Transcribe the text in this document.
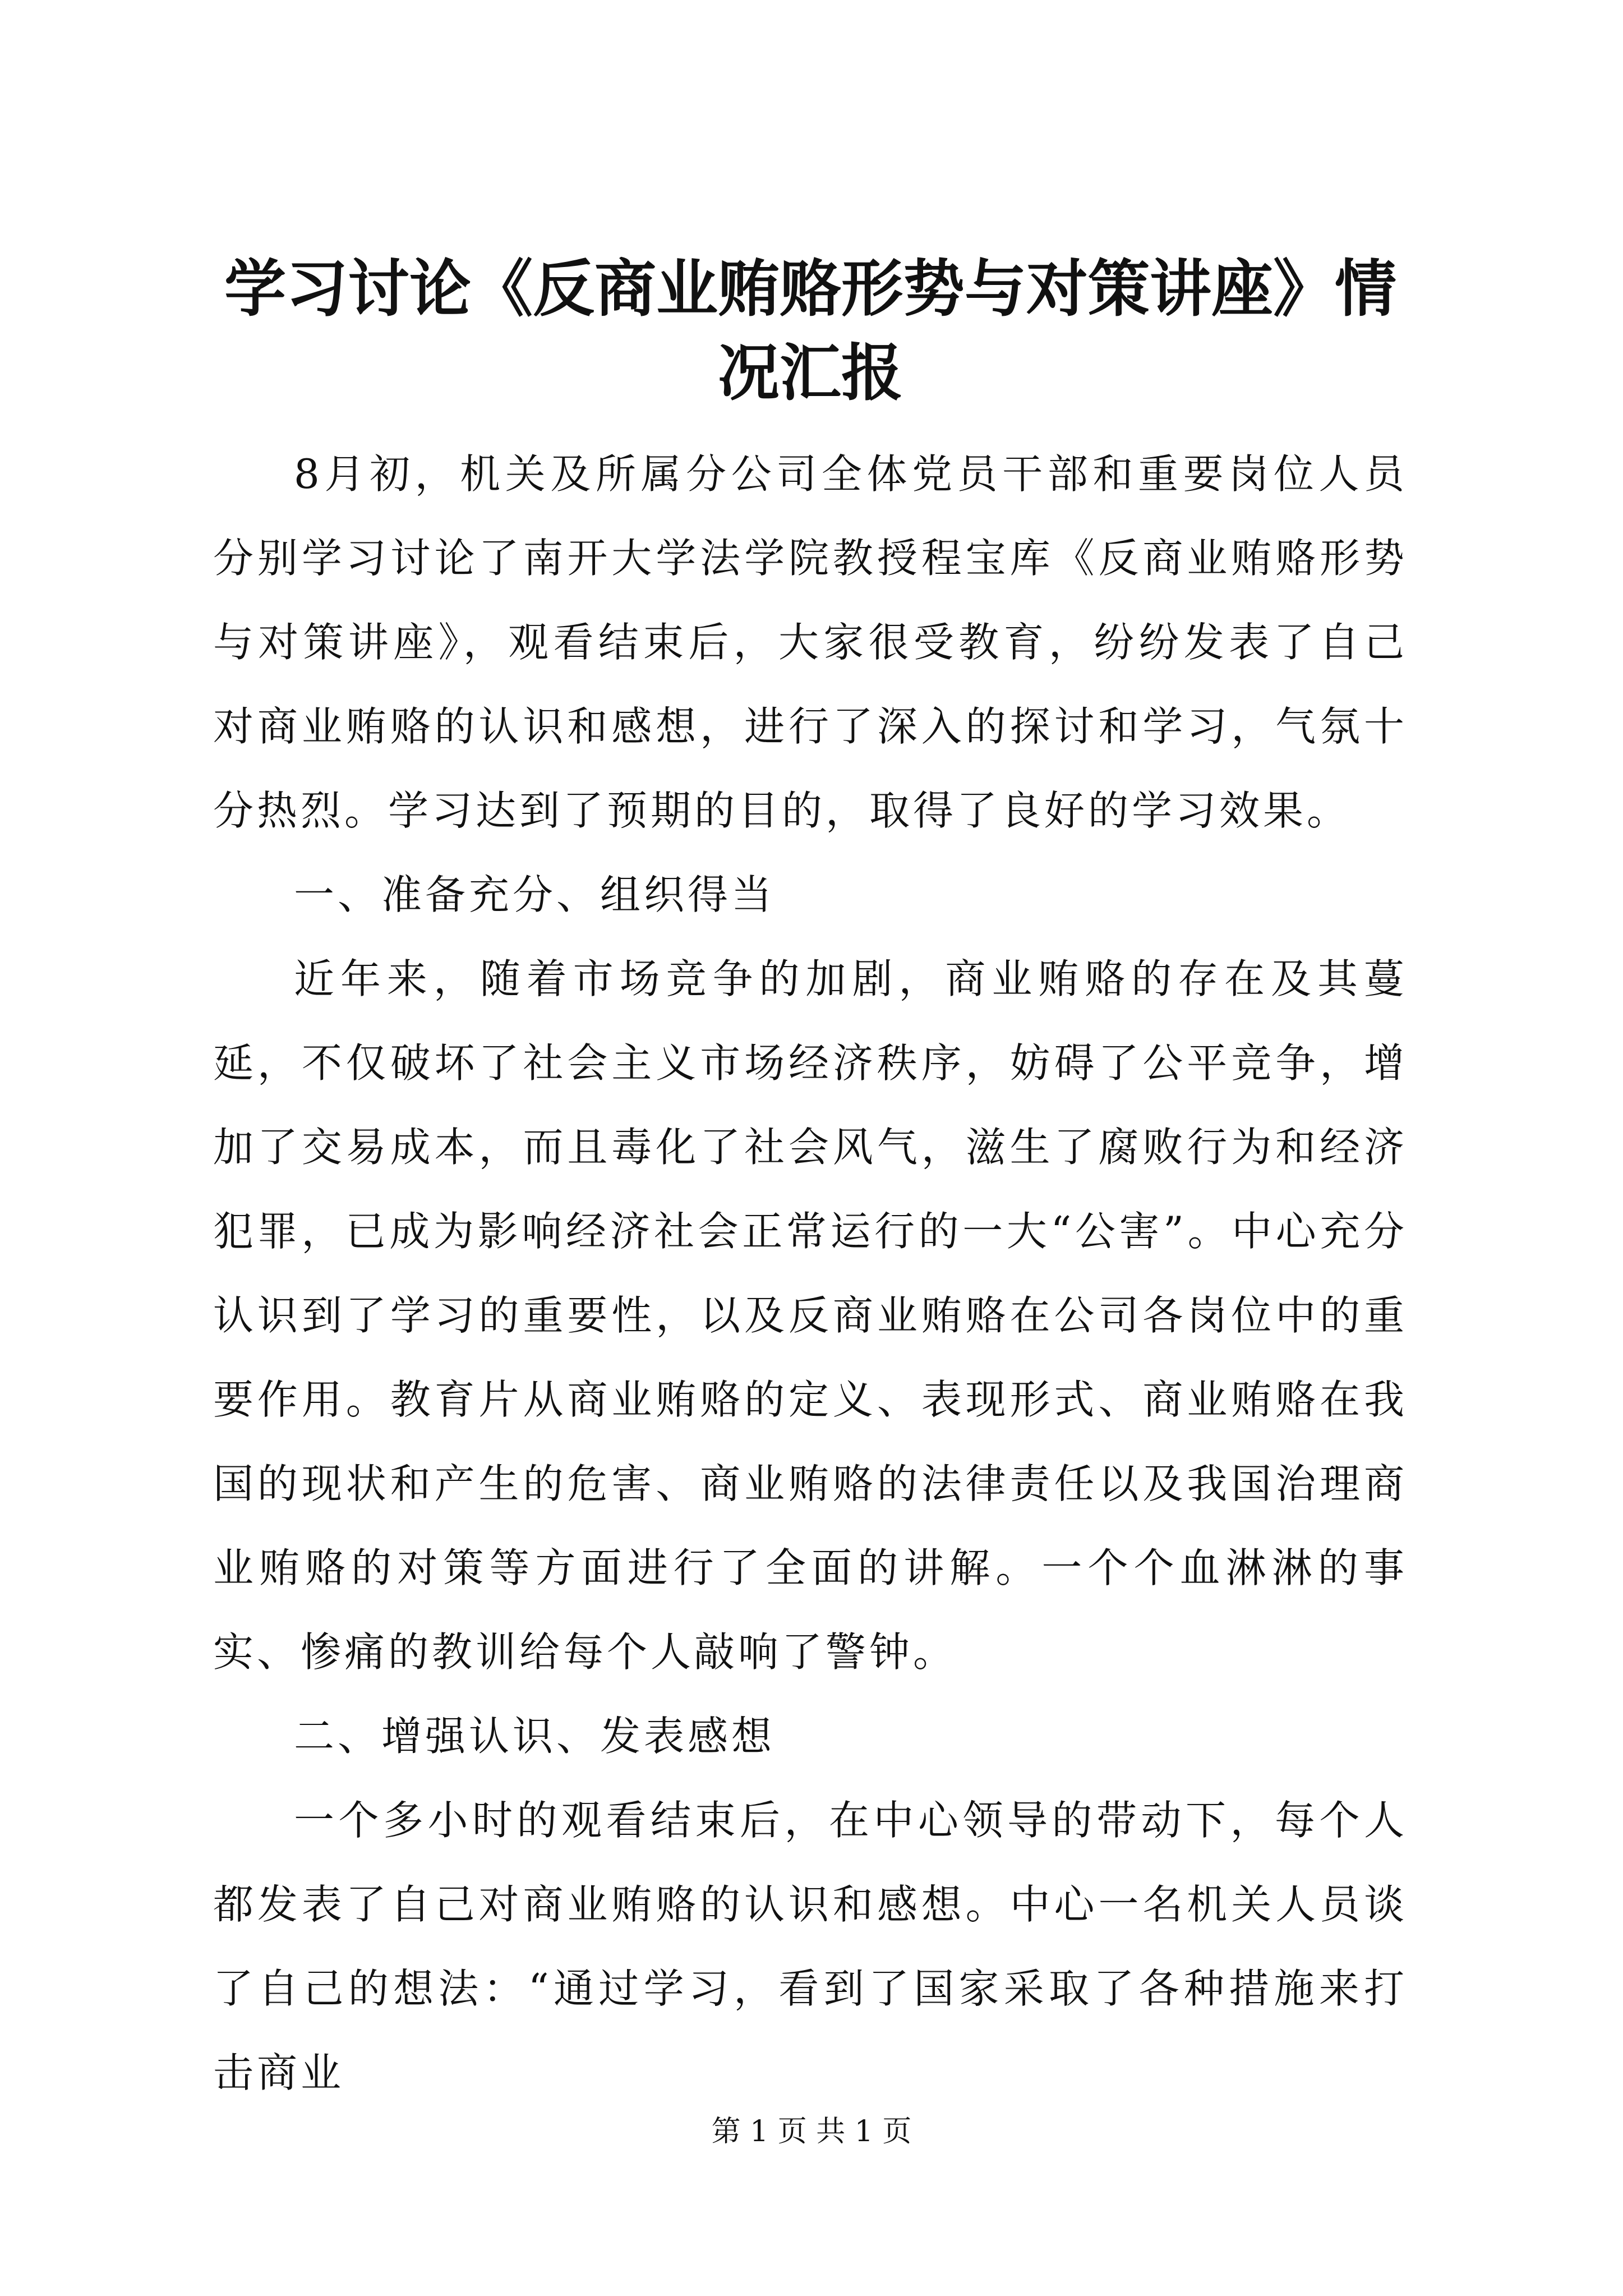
学习讨论《反商业贿赂形势与对策讲座》情况汇报

8月初，机关及所属分公司全体党员干部和重要岗位人员分别学习讨论了南开大学法学院教授程宝库《反商业贿赂形势与对策讲座》，观看结束后，大家很受教育，纷纷发表了自己对商业贿赂的认识和感想，进行了深入的探讨和学习，气氛十分热烈。学习达到了预期的目的，取得了良好的学习效果。

一、准备充分、组织得当

近年来，随着市场竞争的加剧，商业贿赂的存在及其蔓延，不仅破坏了社会主义市场经济秩序，妨碍了公平竞争，增加了交易成本，而且毒化了社会风气，滋生了腐败行为和经济犯罪，已成为影响经济社会正常运行的一大“公害”。中心充分认识到了学习的重要性，以及反商业贿赂在公司各岗位中的重要作用。教育片从商业贿赂的定义、表现形式、商业贿赂在我国的现状和产生的危害、商业贿赂的法律责任以及我国治理商业贿赂的对策等方面进行了全面的讲解。一个个血淋淋的事实、惨痛的教训给每个人敲响了警钟。

二、增强认识、发表感想

一个多小时的观看结束后，在中心领导的带动下，每个人都发表了自己对商业贿赂的认识和感想。中心一名机关人员谈了自己的想法：“通过学习，看到了国家采取了各种措施来打击商业

第 1 页 共 1 页
